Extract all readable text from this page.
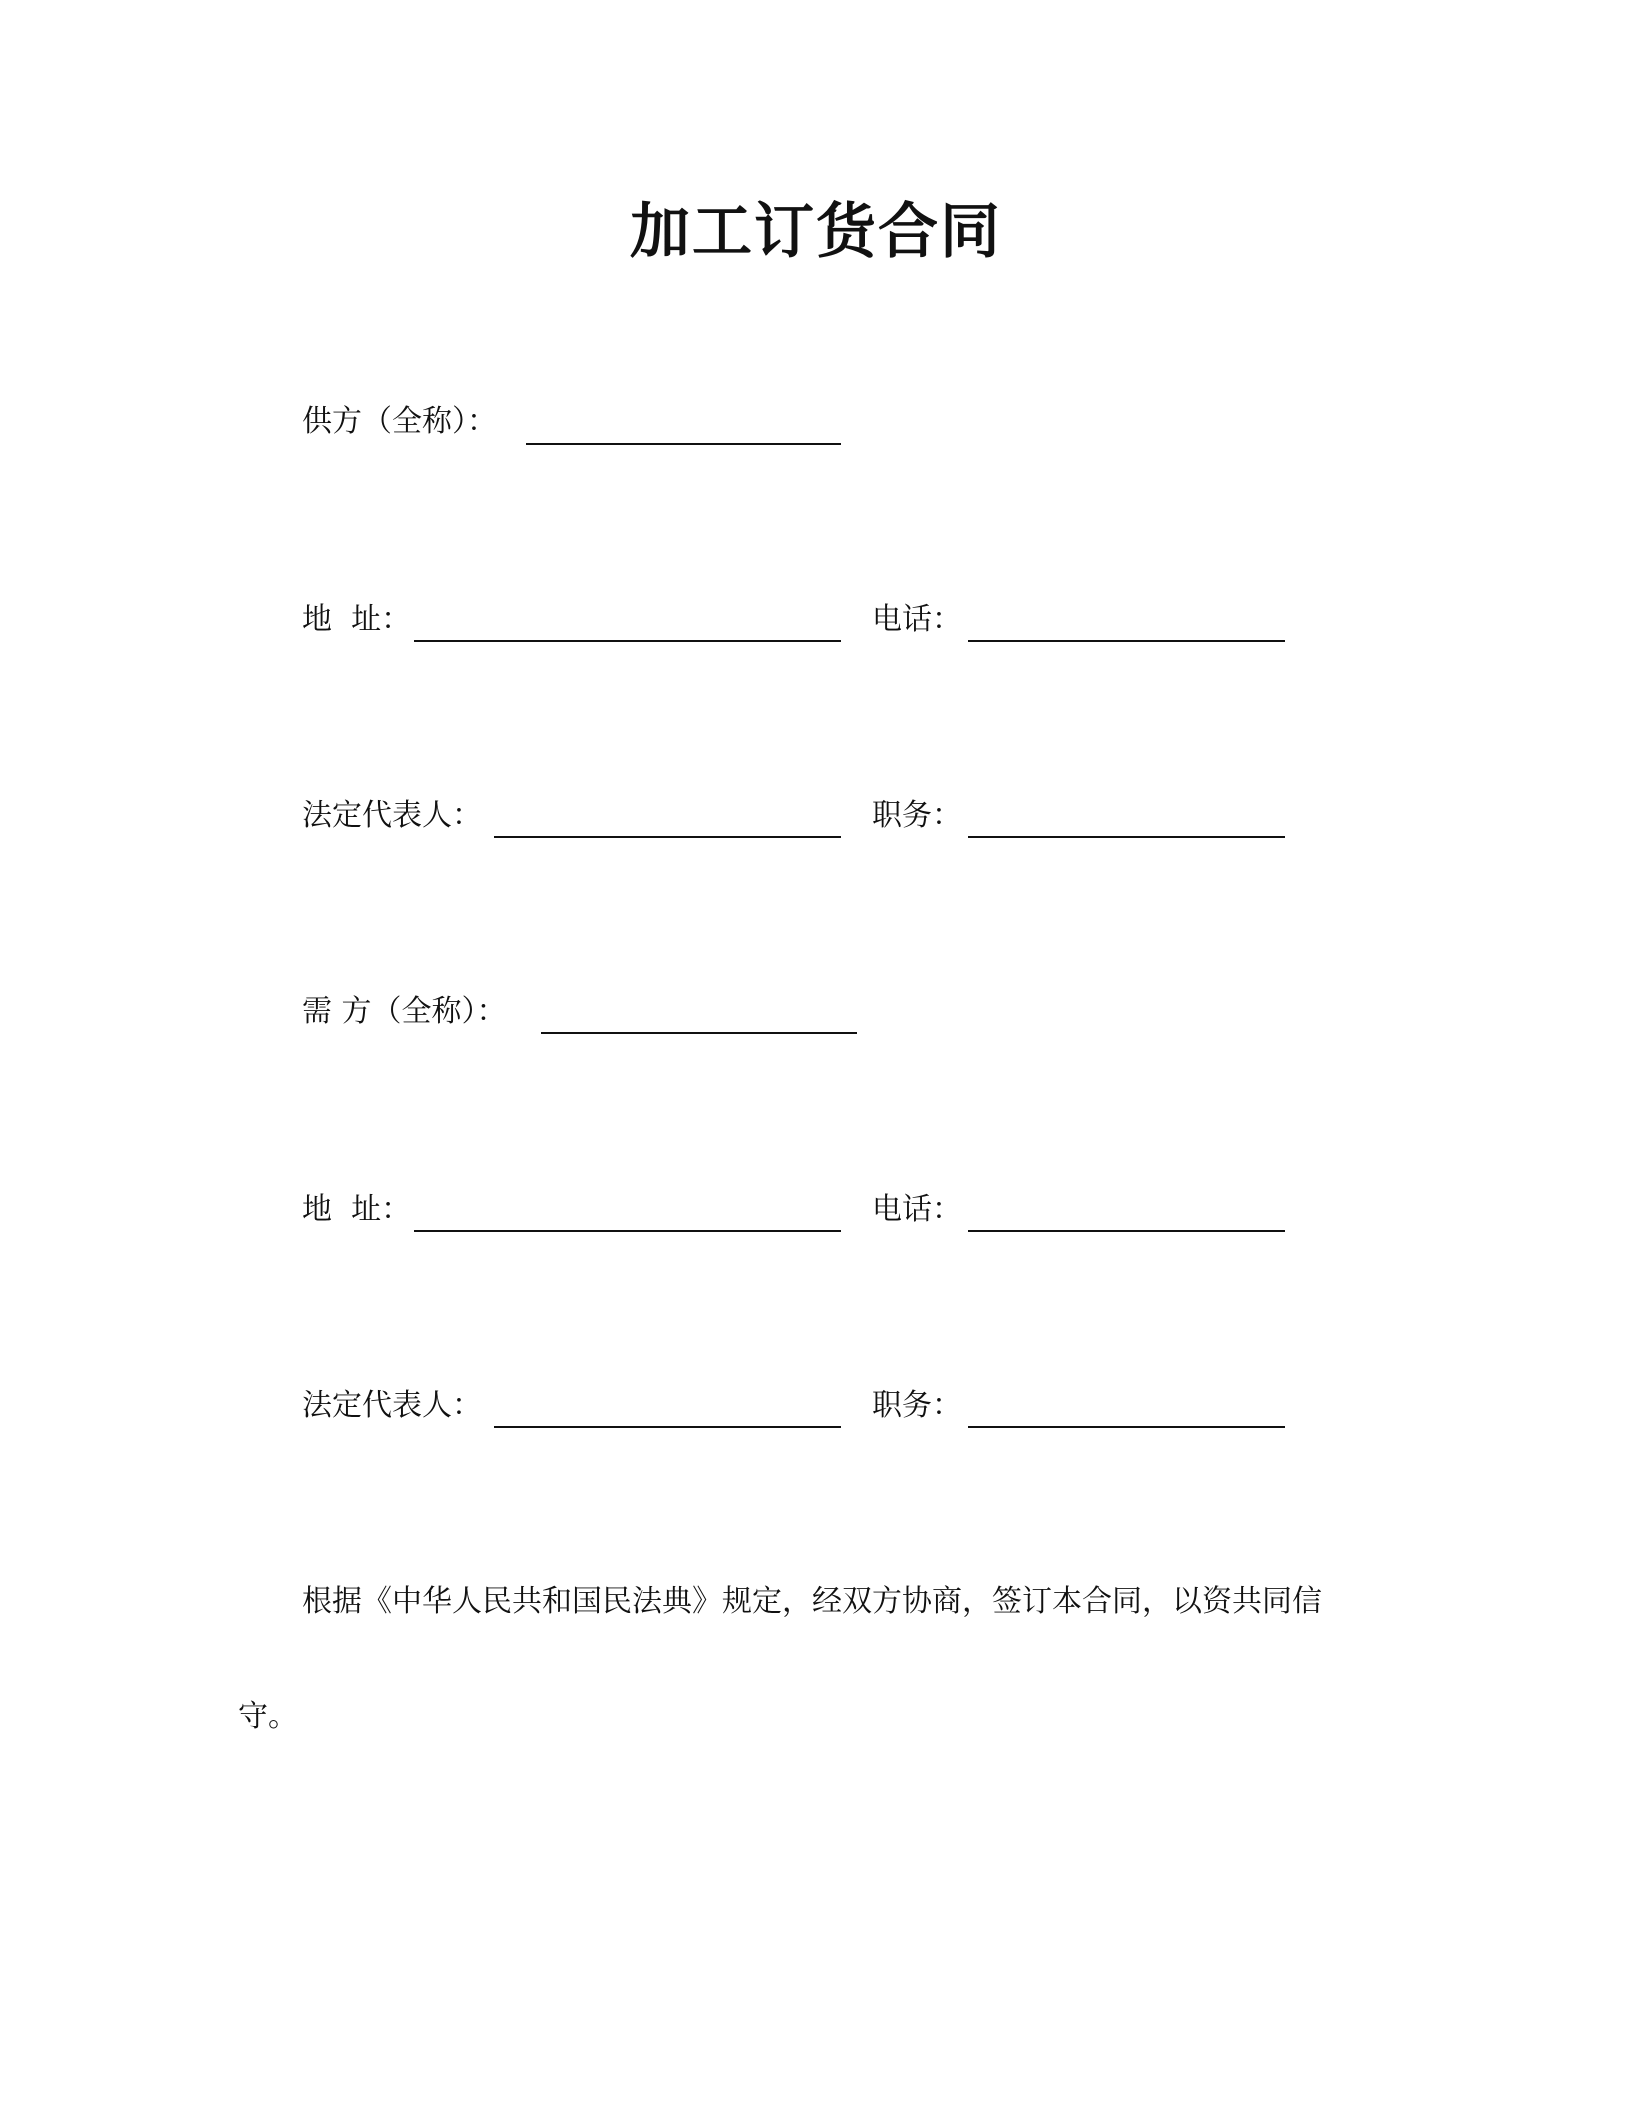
加工订货合同
供方（全称）：
地  址：	电话：
法定代表人：	职务：
需 方（全称）：
地  址：	电话：
法定代表人：	职务：
根据《中华人民共和国民法典》规定，经双方协商，签订本合同，以资共同信
守。
